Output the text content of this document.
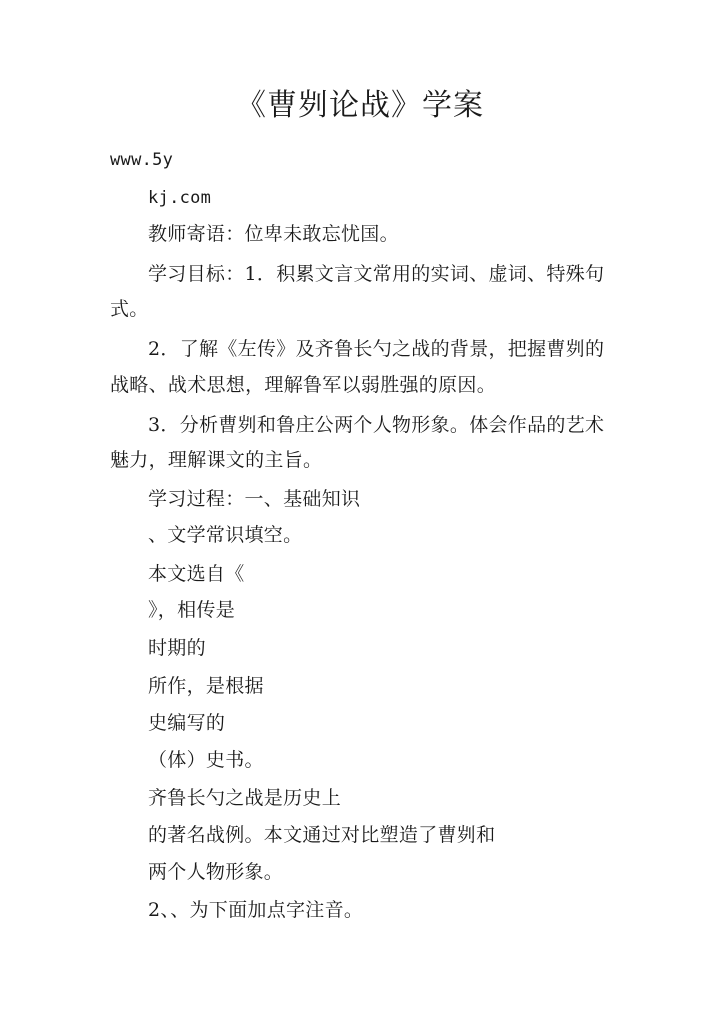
《曹刿论战》学案
www.5y
kj.com
教师寄语：位卑未敢忘忧国。
学习目标：1．积累文言文常用的实词、虚词、特殊句
式。
2．了解《左传》及齐鲁长勺之战的背景，把握曹刿的
战略、战术思想，理解鲁军以弱胜强的原因。
3．分析曹刿和鲁庄公两个人物形象。体会作品的艺术
魅力，理解课文的主旨。
学习过程：一、基础知识
、文学常识填空。
本文选自《
》，相传是
时期的
所作，是根据
史编写的
（体）史书。
齐鲁长勺之战是历史上
的著名战例。本文通过对比塑造了曹刿和
两个人物形象。
2、、为下面加点字注音。
